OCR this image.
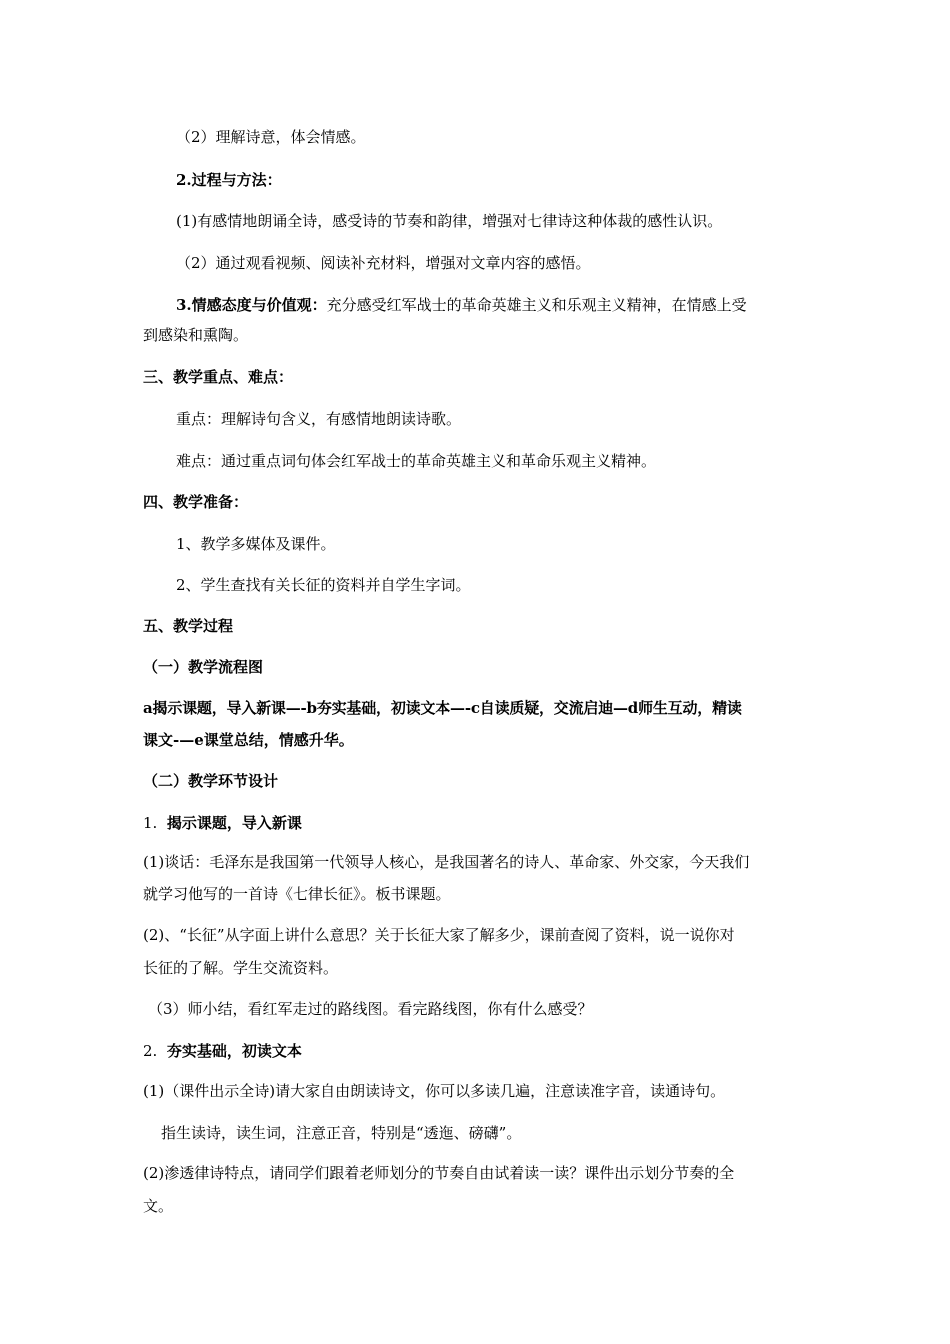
（2）理解诗意，体会情感。
2.过程与方法：
(1)有感情地朗诵全诗，感受诗的节奏和韵律，增强对七律诗这种体裁的感性认识。
（2）通过观看视频、阅读补充材料，增强对文章内容的感悟。
3.情感态度与价值观：充分感受红军战士的革命英雄主义和乐观主义精神，在情感上受
到感染和熏陶。
三、教学重点、难点：
重点：理解诗句含义，有感情地朗读诗歌。
难点：通过重点词句体会红军战士的革命英雄主义和革命乐观主义精神。
四、教学准备：
1、教学多媒体及课件。
2、学生查找有关长征的资料并自学生字词。
五、教学过程
（一）教学流程图
a揭示课题，导入新课—-b夯实基础，初读文本—-c自读质疑，交流启迪—d师生互动，精读
课文-—e课堂总结，情感升华。
（二）教学环节设计
1. 揭示课题，导入新课
(1)谈话：毛泽东是我国第一代领导人核心，是我国著名的诗人、革命家、外交家，今天我们
就学习他写的一首诗《七律长征》。板书课题。
(2)、“长征”从字面上讲什么意思？关于长征大家了解多少，课前查阅了资料，说一说你对
长征的了解。学生交流资料。
（3）师小结，看红军走过的路线图。看完路线图，你有什么感受？
2. 夯实基础，初读文本
(1)（课件出示全诗)请大家自由朗读诗文，你可以多读几遍，注意读准字音，读通诗句。
指生读诗，读生词，注意正音，特别是“透迤、磅礴”。
(2)渗透律诗特点，请同学们跟着老师划分的节奏自由试着读一读？课件出示划分节奏的全
文。
